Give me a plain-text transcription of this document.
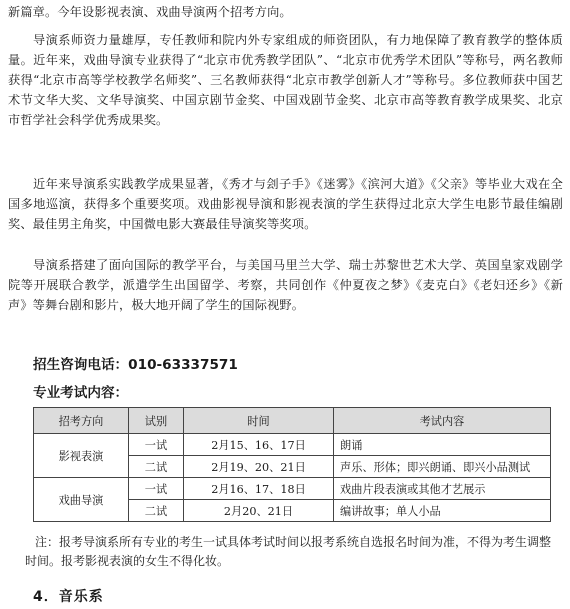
新篇章。今年设影视表演、戏曲导演两个招考方向。

导演系师资力量雄厚，专任教师和院内外专家组成的师资团队，有力地保障了教育教学的整体质量。近年来，戏曲导演专业获得了“北京市优秀教学团队”、“北京市优秀学术团队”等称号，两名教师获得“北京市高等学校教学名师奖”、三名教师获得“北京市教学创新人才”等称号。多位教师获中国艺术节文华大奖、文华导演奖、中国京剧节金奖、中国戏剧节金奖、北京市高等教育教学成果奖、北京市哲学社会科学优秀成果奖。

近年来导演系实践教学成果显著，《秀才与刽子手》《迷雾》《滨河大道》《父亲》等毕业大戏在全国多地巡演，获得多个重要奖项。戏曲影视导演和影视表演的学生获得过北京大学生电影节最佳编剧奖、最佳男主角奖，中国微电影大赛最佳导演奖等奖项。

导演系搭建了面向国际的教学平台，与美国马里兰大学、瑞士苏黎世艺术大学、英国皇家戏剧学院等开展联合教学，派遣学生出国留学、考察，共同创作《仲夏夜之梦》《麦克白》《老妇还乡》《新声》等舞台剧和影片，极大地开阔了学生的国际视野。

招生咨询电话：010-63337571
专业考试内容：
招考方向	试别	时间	考试内容
影视表演	一试	2月15、16、17日	朗诵
	二试	2月19、20、21日	声乐、形体；即兴朗诵、即兴小品测试
戏曲导演	一试	2月16、17、18日	戏曲片段表演或其他才艺展示
	二试	2月20、21日	编讲故事；单人小品

注：报考导演系所有专业的考生一试具体考试时间以报考系统自选报名时间为准，不得为考生调整时间。报考影视表演的女生不得化妆。

4．音乐系
